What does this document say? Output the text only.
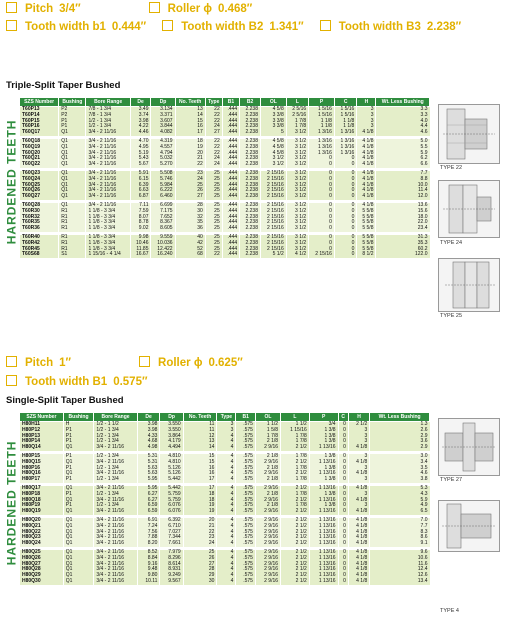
Pitch 3/4″	Roller ϕ 0.468″
Tooth width b1 0.444″	Tooth width B2 1.341″	Tooth width B3 2.238″
Triple-Split Taper Bushed
	SZS Number	Bushing	Bore Range	De	Dp	No. Teeth	Type	B1	B2	OL	L	P	C	H	Wt. Less Bushing

HARDENED TEETH	T60P13	P2	7/8 - 1 3/4	3.49	3.134	13	22	.444	2.238	4 5/8	2 5/16	1 5/16	1 5/16	3	3.3
	T60P14	P2	7/8 - 1 3/4	3.74	3.371	14	22	.444	2.238	3 3/8	2 5/16	1 5/16	1 5/16	3	3.3
	T60P15	P1	1/2 - 1 3/4	3.98	3.607	15	22	.444	2.238	3 3/8	1 7/8	1 1/8	1 1/8	3	4.0
	T60P16	P1	1/2 - 1 3/4	4.22	3.844	16	24	.444	2.238	3 3/8	1 7/8	1 1/8	1 1/8	3	4.4
	T60Q17	Q1	3/4 - 2 11/16	4.46	4.082	17	27	.444	2.238	5	3 1/2	1 3/16	1 3/16	4 1/8	4.6

	T60Q18	Q1	3/4 - 2 11/16	4.70	4.319	18	22	.444	2.238	4 5/8	3 1/2	1 3/16	1 3/16	4 1/8	5.0
	T60Q19	Q1	3/4 - 2 11/16	4.95	4.557	19	22	.444	2.238	4 5/8	3 1/2	1 3/16	1 3/16	4 1/8	5.5
	T60Q20	Q1	3/4 - 2 11/16	5.19	4.794	20	22	.444	2.238	4 5/8	3 1/2	1 3/16	1 3/16	4 1/8	5.9
	T60Q21	Q1	3/4 - 2 11/16	5.43	5.032	21	24	.444	2.238	3 1/2	3 1/2	0	0	4 1/8	6.2
	T60Q22	Q1	3/4 - 2 11/16	5.67	5.270	22	24	.444	2.238	3 1/2	3 1/2	0	0	4 1/8	6.6

	T60Q23	Q1	3/4 - 2 11/16	5.91	5.508	23	25	.444	2.238	2 15/16	3 1/2	0	0	4 1/8	7.7
	T60Q24	Q1	3/4 - 2 11/16	6.15	5.746	24	25	.444	2.238	2 15/16	3 1/2	0	0	4 1/8	8.8
	T60Q25	Q1	3/4 - 2 11/16	6.39	5.984	25	25	.444	2.238	2 15/16	3 1/2	0	0	4 1/8	10.0
	T60Q26	Q1	3/4 - 2 11/16	6.63	6.222	26	25	.444	2.238	2 15/16	3 1/2	0	0	4 1/8	11.4
	T60Q27	Q1	3/4 - 2 11/16	6.87	6.460	27	25	.444	2.238	2 15/16	3 1/2	0	0	4 1/8	12.0

	T60Q28	Q1	3/4 - 2 11/16	7.11	6.699	28	25	.444	2.238	2 15/16	3 1/2	0	0	4 1/8	13.6
	T60R30	R1	1 1/8 - 3 3/4	7.59	7.175	30	25	.444	2.238	2 15/16	3 1/2	0	0	5 5/8	15.6
	T60R32	R1	1 1/8 - 3 3/4	8.07	7.652	32	25	.444	2.238	2 15/16	3 1/2	0	0	5 5/8	18.0
	T60R35	R1	1 1/8 - 3 3/4	8.78	8.367	35	25	.444	2.238	2 15/16	3 1/2	0	0	5 5/8	22.0
	T60R36	R1	1 1/8 - 3 3/4	9.02	8.605	36	25	.444	2.238	2 15/16	3 1/2	0	0	5 5/8	23.4

	T60R40	R1	1 1/8 - 3 3/4	9.98	9.559	40	25	.444	2.238	2 15/16	3 1/2	0	0	5 5/8	31.3
	T60R42	R1	1 1/8 - 3 3/4	10.46	10.036	42	25	.444	2.238	2 15/16	3 1/2	0	0	5 5/8	35.3
	T60R45	R1	1 1/8 - 3 3/4	11.85	12.422	52	25	.444	2.238	2 15/16	3 1/2	0	0	5 5/8	60.2
	T60S68	S1	1 15/16 - 4 1/4	16.67	16.240	68	22	.444	2.238	5 1/2	4 1/2	2 15/16	0	8 1/2	122.0
Pitch 1″	Roller ϕ 0.625″
Tooth width B1 0.575″
Single-Split Taper Bushed
	SZS Number	Bushing	Bore Range	De	Dp	No. Teeth	Type	B1	OL	L	P	C	H	Wt. Less Bushing

HARDENED TEETH	H80H11	H	1/2 - 1 1/2	3.98	3.550	11	3	.575	1 1/2	1 1/2	3/4	0	2 1/2	1.3
	H80P12	P1	1/2 - 1 3/4	3.98	3.550	11	3	.575	1 5/8	1 15/16	1 3/8	0	3	2.6
	H80P13	P1	1/2 - 1 3/4	4.33	3.864	12	4	.575	1 7/8	1 7/8	1 3/8	0	3	2.9
	H80P14	P1	1/2 - 1 3/4	4.68	4.179	13	4	.575	2 1/8	1 7/8	1 3/8	0	3	3.6
	H80Q14	Q1	3/4 - 2 11/16	4.98	4.494	14	4	.575	2 9/16	2 1/2	1 13/16	0	4 1/8	2.9

	H80P15	P1	1/2 - 1 3/4	5.31	4.810	15	4	.575	2 1/8	1 7/8	1 3/8	0	3	3.0
	H80Q15	Q1	3/4 - 2 11/16	5.31	4.810	15	4	.575	2 9/16	2 1/2	1 13/16	0	4 1/8	3.4
	H80P16	P1	1/2 - 1 3/4	5.63	5.126	16	4	.575	2 1/8	1 7/8	1 3/8	0	3	3.5
	H80Q16	Q1	3/4 - 2 11/16	5.63	5.126	16	4	.575	2 9/16	2 1/2	1 13/16	0	4 1/8	4.6
	H80P17	P1	1/2 - 1 3/4	5.95	5.442	17	4	.575	2 1/8	1 7/8	1 3/8	0	3	3.8

	H80Q17	Q1	3/4 - 2 11/16	5.95	5.442	17	4	.575	2 9/16	2 1/2	1 13/16	0	4 1/8	5.3
	H80P18	P1	1/2 - 1 3/4	6.27	5.759	18	4	.575	2 1/8	1 7/8	1 3/8	0	3	4.3
	H80Q18	Q1	3/4 - 2 11/16	6.27	5.759	18	4	.575	2 9/16	2 1/2	1 13/16	0	4 1/8	5.9
	H80P19	P1	1/2 - 1 3/4	6.59	6.076	19	4	.575	2 1/8	1 7/8	1 3/8	0	3	4.9
	H80Q19	Q1	3/4 - 2 11/16	6.59	6.076	19	4	.575	2 9/16	2 1/2	1 13/16	0	4 1/8	6.5

	H80Q20	Q1	3/4 - 2 11/16	6.91	6.392	20	4	.575	2 9/16	2 1/2	1 13/16	0	4 1/8	7.0
	H80Q21	Q1	3/4 - 2 11/16	7.24	6.710	21	4	.575	2 9/16	2 1/2	1 13/16	0	4 1/8	7.7
	H80Q22	Q1	3/4 - 2 11/16	7.56	7.027	22	4	.575	2 9/16	2 1/2	1 13/16	0	4 1/8	8.3
	H80Q23	Q1	3/4 - 2 11/16	7.88	7.344	23	4	.575	2 9/16	2 1/2	1 13/16	0	4 1/8	8.6
	H80Q24	Q1	3/4 - 2 11/16	8.20	7.661	24	4	.575	2 9/16	2 1/2	1 13/16	0	4 1/8	9.1

	H80Q25	Q1	3/4 - 2 11/16	8.52	7.979	25	4	.575	2 9/16	2 1/2	1 13/16	0	4 1/8	9.6
	H80Q26	Q1	3/4 - 2 11/16	8.84	8.296	26	4	.575	2 9/16	2 1/2	1 13/16	0	4 1/8	10.6
	H80Q27	Q1	3/4 - 2 11/16	9.16	8.614	27	4	.575	2 9/16	2 1/2	1 13/16	0	4 1/8	11.6
	H80Q28	Q1	3/4 - 2 11/16	9.48	8.931	28	4	.575	2 9/16	2 1/2	1 13/16	0	4 1/8	12.4
	H80Q29	Q1	3/4 - 2 11/16	9.80	9.249	29	4	.575	2 9/16	2 1/2	1 13/16	0	4 1/8	12.6
	H80Q30	Q1	3/4 - 2 11/16	10.11	9.567	30	4	.575	2 9/16	2 1/2	1 13/16	0	4 1/8	13.4
TYPE 22
TYPE 24
TYPE 25
TYPE 27
TYPE 4
